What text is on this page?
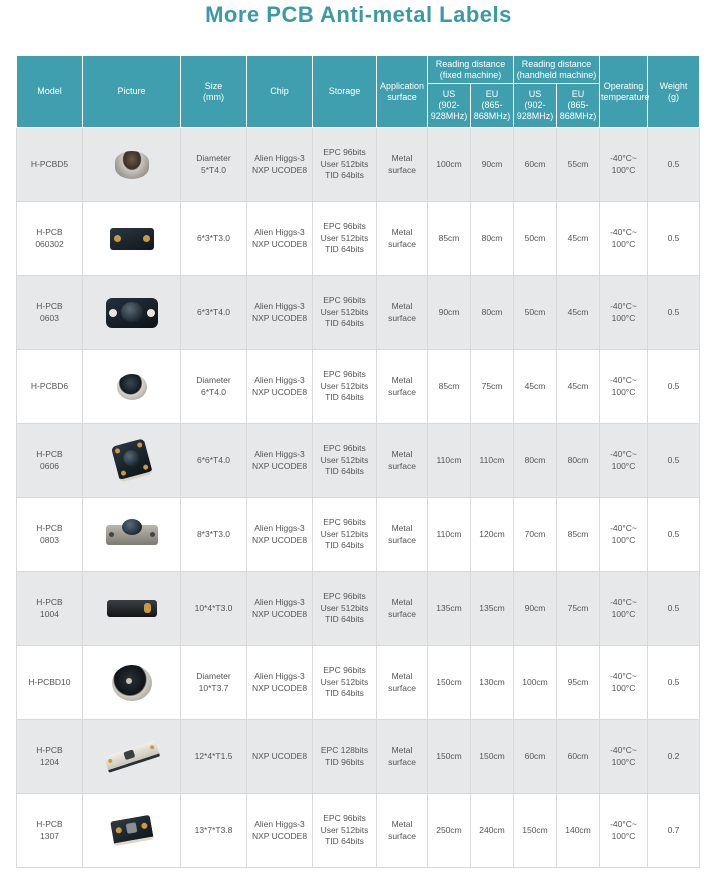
More PCB Anti-metal Labels
Model	Picture	Size
(mm)	Chip	Storage	Application
surface	Reading distance
(fixed machine)		Reading distance
(handheld machine)		Operating
temperature	Weight
(g)
						US
(902-
928MHz)	EU
(865-
868MHz)	US
(902-
928MHz)	EU
(865-
868MHz)		
H-PCBD5		Diameter
5*T4.0	Alien Higgs-3
NXP UCODE8	EPC 96bits
User 512bits
TID 64bits	Metal
surface	100cm	90cm	60cm	55cm	-40°C~
100°C	0.5
H-PCB
060302		6*3*T3.0	Alien Higgs-3
NXP UCODE8	EPC 96bits
User 512bits
TID 64bits	Metal
surface	85cm	80cm	50cm	45cm	-40°C~
100°C	0.5
H-PCB
0603		6*3*T4.0	Alien Higgs-3
NXP UCODE8	EPC 96bits
User 512bits
TID 64bits	Metal
surface	90cm	80cm	50cm	45cm	-40°C~
100°C	0.5
H-PCBD6		Diameter
6*T4.0	Alien Higgs-3
NXP UCODE8	EPC 96bits
User 512bits
TID 64bits	Metal
surface	85cm	75cm	45cm	45cm	-40°C~
100°C	0.5
H-PCB
0606		6*6*T4.0	Alien Higgs-3
NXP UCODE8	EPC 96bits
User 512bits
TID 64bits	Metal
surface	110cm	110cm	80cm	80cm	-40°C~
100°C	0.5
H-PCB
0803		8*3*T3.0	Alien Higgs-3
NXP UCODE8	EPC 96bits
User 512bits
TID 64bits	Metal
surface	110cm	120cm	70cm	85cm	-40°C~
100°C	0.5
H-PCB
1004		10*4*T3.0	Alien Higgs-3
NXP UCODE8	EPC 96bits
User 512bits
TID 64bits	Metal
surface	135cm	135cm	90cm	75cm	-40°C~
100°C	0.5
H-PCBD10		Diameter
10*T3.7	Alien Higgs-3
NXP UCODE8	EPC 96bits
User 512bits
TID 64bits	Metal
surface	150cm	130cm	100cm	95cm	-40°C~
100°C	0.5
H-PCB
1204		12*4*T1.5	NXP UCODE8	EPC 128bits
TID 96bits	Metal
surface	150cm	150cm	60cm	60cm	-40°C~
100°C	0.2
H-PCB
1307		13*7*T3.8	Alien Higgs-3
NXP UCODE8	EPC 96bits
User 512bits
TID 64bits	Metal
surface	250cm	240cm	150cm	140cm	-40°C~
100°C	0.7
